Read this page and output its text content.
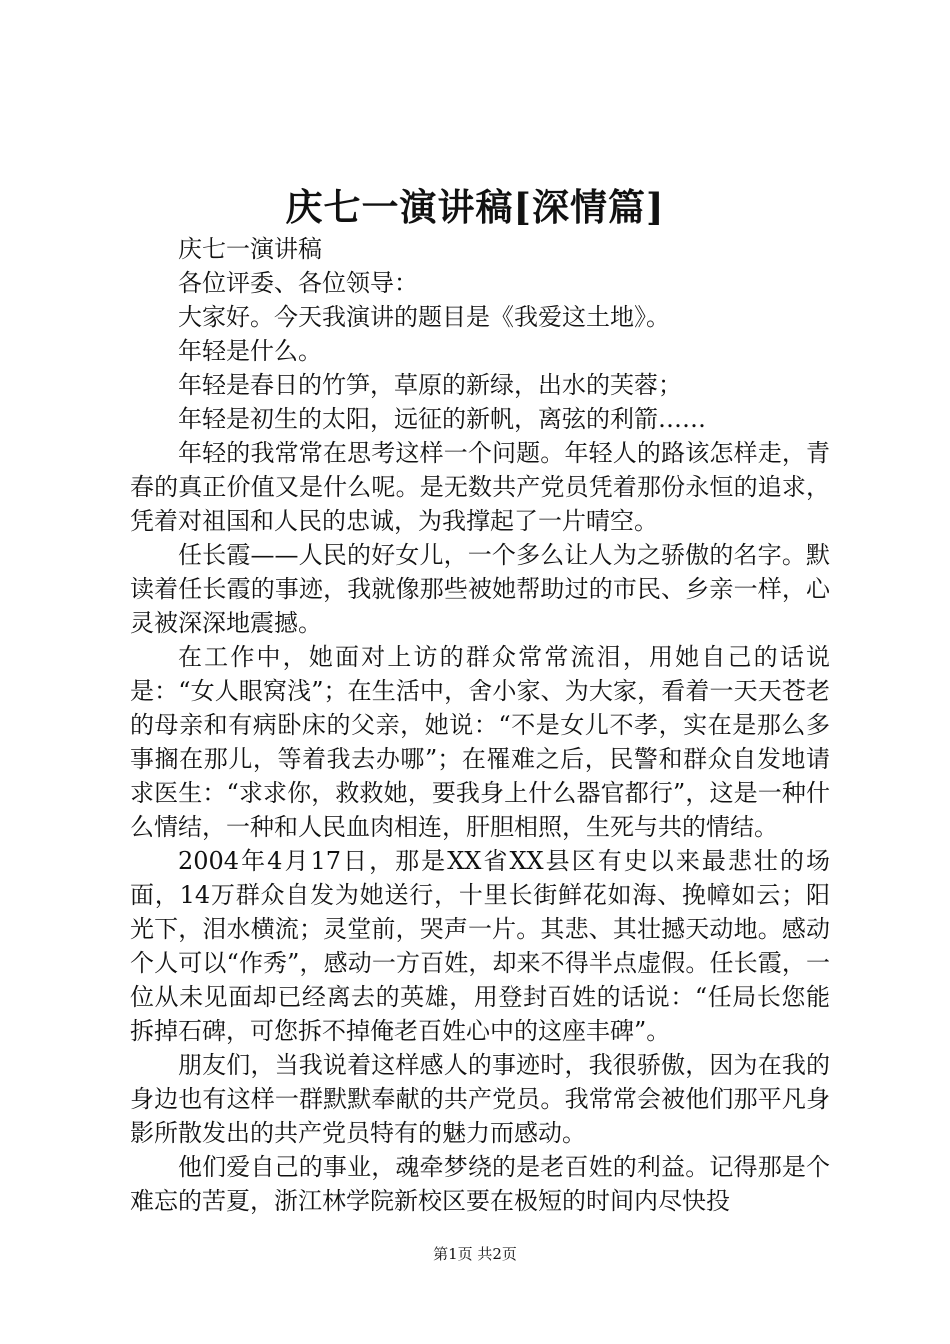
庆七一演讲稿[深情篇]

庆七一演讲稿

各位评委、各位领导：

大家好。今天我演讲的题目是《我爱这土地》。

年轻是什么。

年轻是春日的竹笋，草原的新绿，出水的芙蓉；

年轻是初生的太阳，远征的新帆，离弦的利箭……

年轻的我常常在思考这样一个问题。年轻人的路该怎样走，青春的真正价值又是什么呢。是无数共产党员凭着那份永恒的追求，凭着对祖国和人民的忠诚，为我撑起了一片晴空。

任长霞——人民的好女儿，一个多么让人为之骄傲的名字。默读着任长霞的事迹，我就像那些被她帮助过的市民、乡亲一样，心灵被深深地震撼。

在工作中，她面对上访的群众常常流泪，用她自己的话说是：“女人眼窝浅”；在生活中，舍小家、为大家，看着一天天苍老的母亲和有病卧床的父亲，她说：“不是女儿不孝，实在是那么多事搁在那儿，等着我去办哪”；在罹难之后，民警和群众自发地请求医生：“求求你，救救她，要我身上什么器官都行”，这是一种什么情结，一种和人民血肉相连，肝胆相照，生死与共的情结。

2004年4月17日，那是XX省XX县区有史以来最悲壮的场面，14万群众自发为她送行，十里长街鲜花如海、挽幛如云；阳光下，泪水横流；灵堂前，哭声一片。其悲、其壮撼天动地。感动个人可以“作秀”，感动一方百姓，却来不得半点虚假。任长霞，一位从未见面却已经离去的英雄，用登封百姓的话说：“任局长您能拆掉石碑，可您拆不掉俺老百姓心中的这座丰碑”。

朋友们，当我说着这样感人的事迹时，我很骄傲，因为在我的身边也有这样一群默默奉献的共产党员。我常常会被他们那平凡身影所散发出的共产党员特有的魅力而感动。

他们爱自己的事业，魂牵梦绕的是老百姓的利益。记得那是个难忘的苦夏，浙江林学院新校区要在极短的时间内尽快投

第1页 共2页
